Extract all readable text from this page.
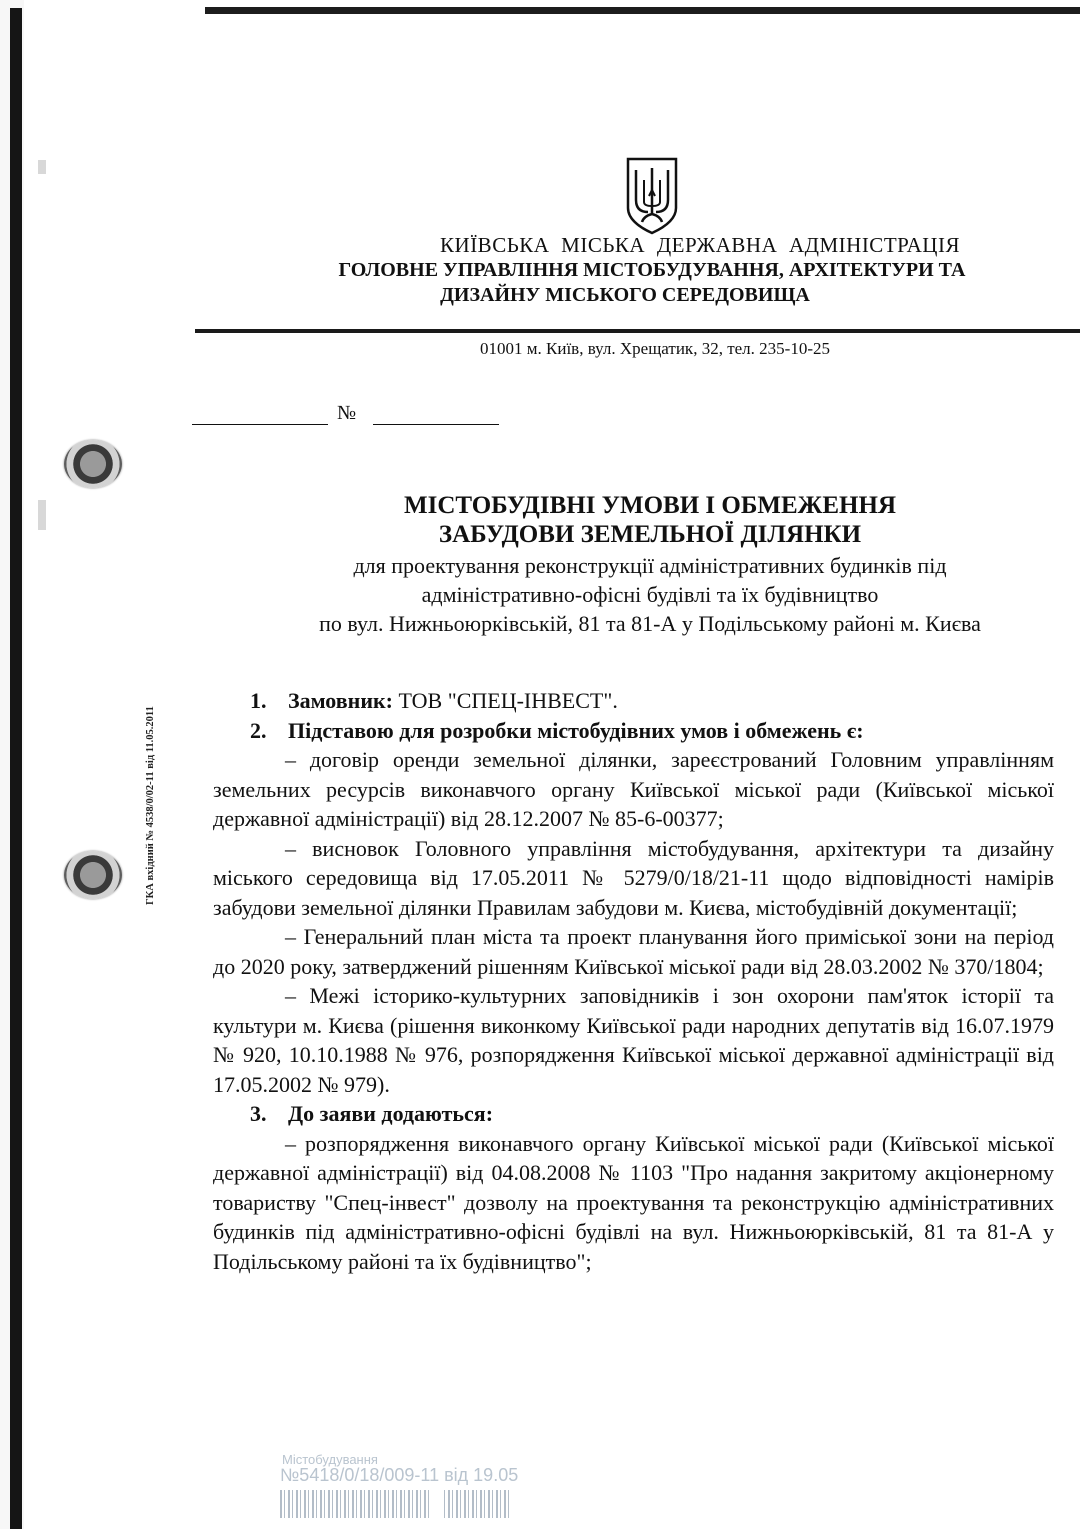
КИЇВСЬКА МІСЬКА ДЕРЖАВНА АДМІНІСТРАЦІЯ
ГОЛОВНЕ УПРАВЛІННЯ МІСТОБУДУВАННЯ, АРХІТЕКТУРИ ТА
ДИЗАЙНУ МІСЬКОГО СЕРЕДОВИЩА
01001 м. Київ, вул. Хрещатик, 32, тел. 235-10-25
№
МІСТОБУДІВНІ УМОВИ І ОБМЕЖЕННЯ
ЗАБУДОВИ ЗЕМЕЛЬНОЇ ДІЛЯНКИ
для проектування реконструкції адміністративних будинків під
адміністративно-офісні будівлі та їх будівництво
по вул. Нижньоюрківській, 81 та 81-А у Подільському районі м. Києва
ГКА вхідний № 4538/0/02-11 від 11.05.2011
1. Замовник: ТОВ "СПЕЦ-ІНВЕСТ".
2. Підставою для розробки містобудівних умов і обмежень є:
– договір оренди земельної ділянки, зареєстрований Головним управлінням земельних ресурсів виконавчого органу Київської міської ради (Київської міської державної адміністрації) від 28.12.2007 № 85-6-00377;
– висновок Головного управління містобудування, архітектури та дизайну міського середовища від 17.05.2011 № 5279/0/18/21-11 щодо відповідності намірів забудови земельної ділянки Правилам забудови м. Києва, містобудівній документації;
– Генеральний план міста та проект планування його приміської зони на період до 2020 року, затверджений рішенням Київської міської ради від 28.03.2002 № 370/1804;
– Межі історико-культурних заповідників і зон охорони пам'яток історії та культури м. Києва (рішення виконкому Київської ради народних депутатів від 16.07.1979 № 920, 10.10.1988 № 976, розпорядження Київської міської державної адміністрації від 17.05.2002 № 979).
3. До заяви додаються:
– розпорядження виконавчого органу Київської міської ради (Київської міської державної адміністрації) від 04.08.2008 № 1103 "Про надання закритому акціонерному товариству "Спец-інвест" дозволу на проектування та реконструкцію адміністративних будинків під адміністративно-офісні будівлі на вул. Нижньоюрківській, 81 та 81-А у Подільському районі та їх будівництво";
Містобудування
№5418/0/18/009-11 від 19.05
